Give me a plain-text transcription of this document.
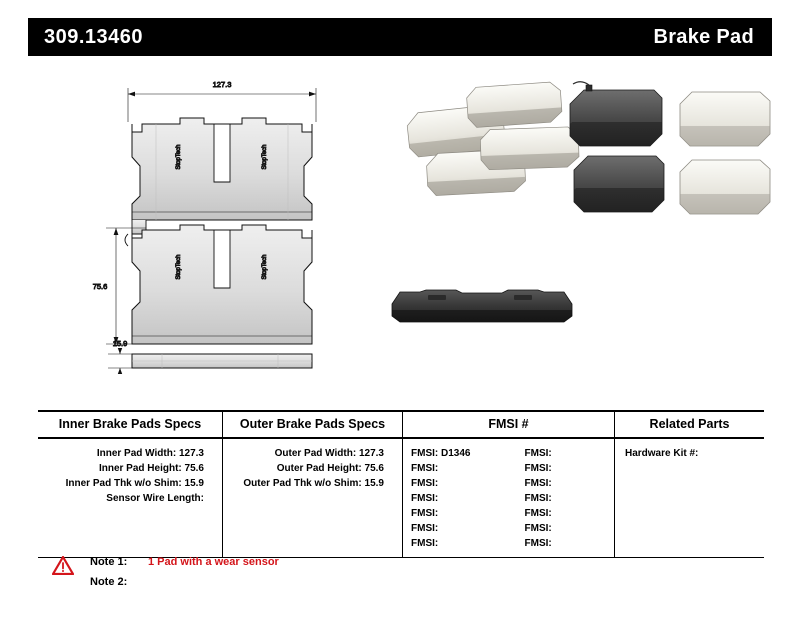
309.13460	Brake Pad
127.3
StopTech	StopTech
75.6
StopTech	StopTech
15.9
Inner Brake Pads Specs	Outer Brake Pads Specs	FMSI #	Related Parts
Inner Pad Width: 127.3
Inner Pad Height: 75.6
Inner Pad Thk w/o Shim: 15.9
Sensor Wire Length:
Outer Pad Width: 127.3
Outer Pad Height: 75.6
Outer Pad Thk w/o Shim: 15.9
FMSI: D1346
FMSI:
FMSI:
FMSI:
FMSI:
FMSI:
FMSI:
FMSI:
FMSI:
FMSI:
FMSI:
FMSI:
FMSI:
FMSI:
Hardware Kit #:
Note 1:	1 Pad with a wear sensor
Note 2:
